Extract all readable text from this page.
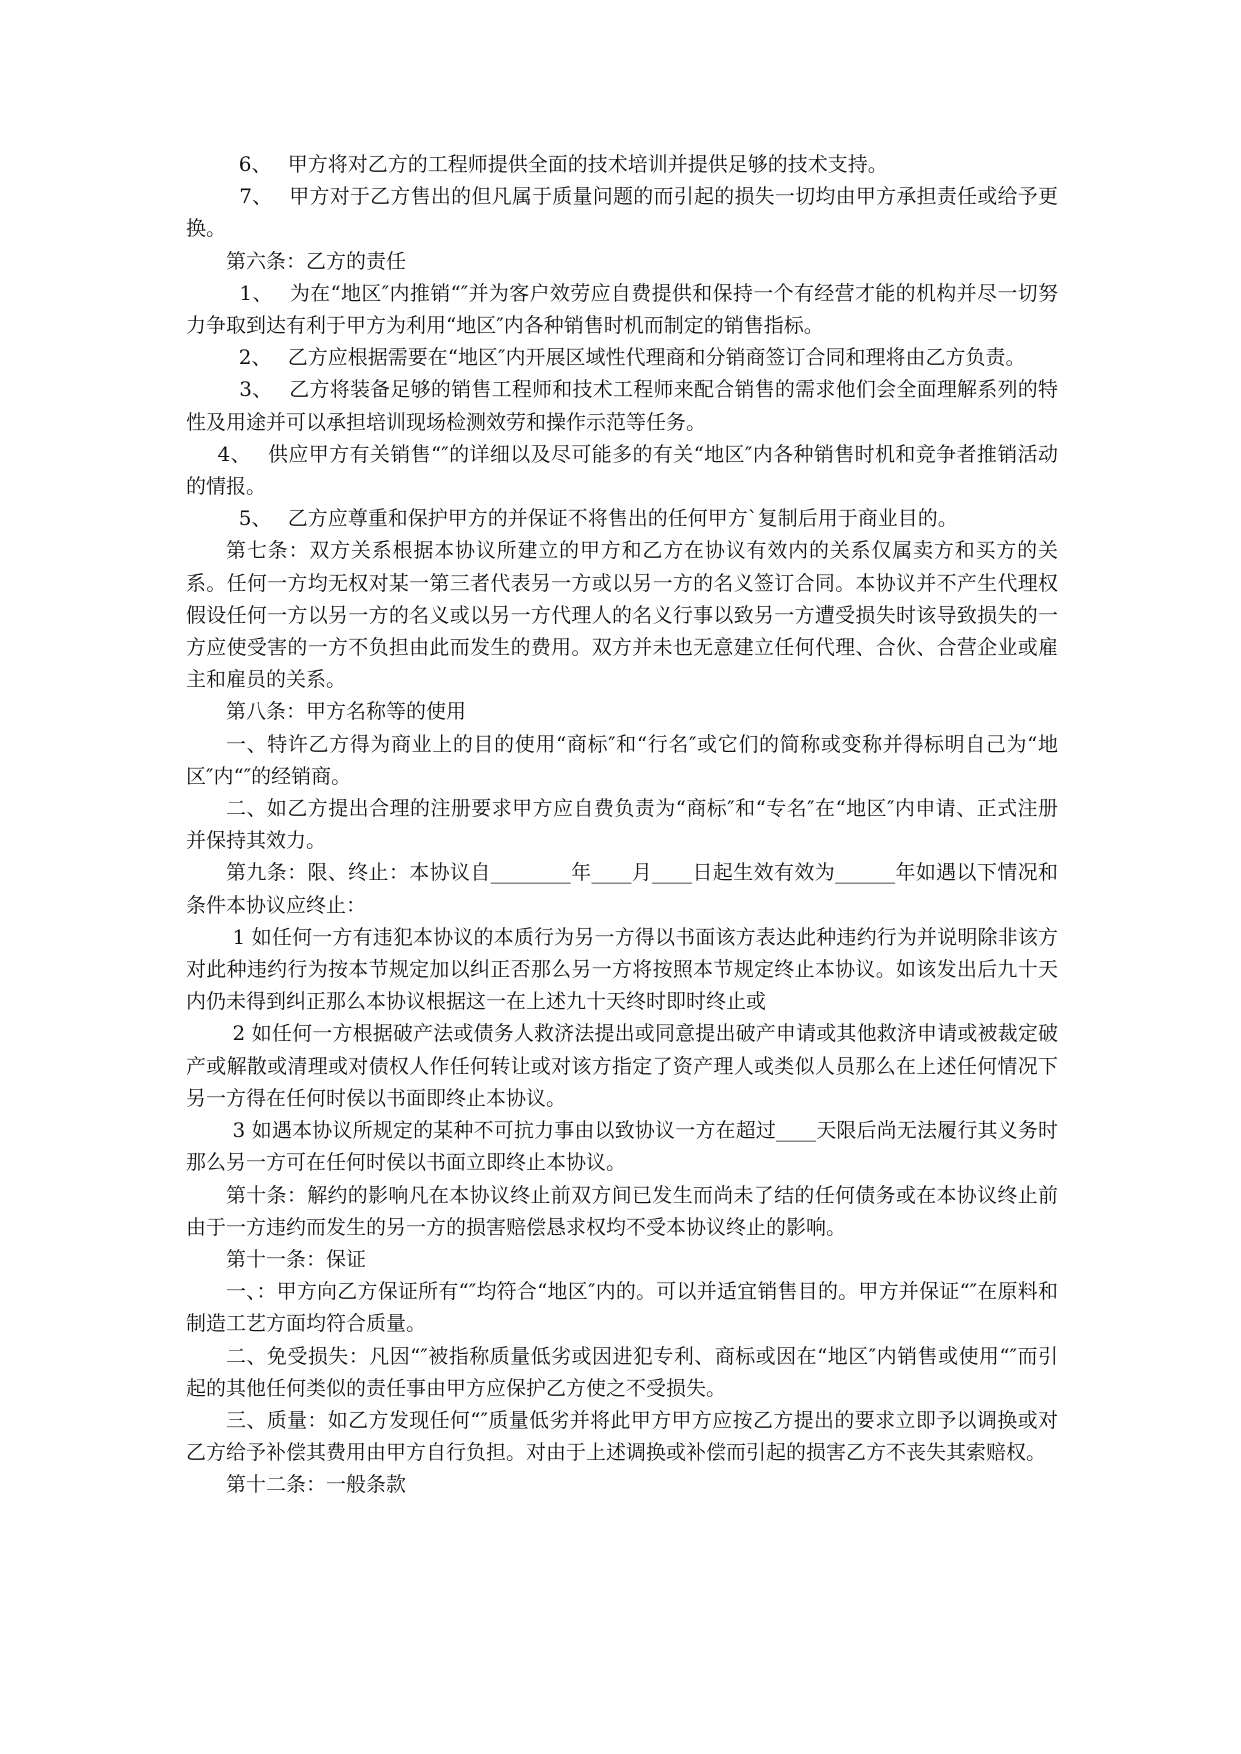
6、　 甲方将对乙方的工程师提供全面的技术培训并提供足够的技术支持。

7、　 甲方对于乙方售出的但凡属于质量问题的而引起的损失一切均由甲方承担责任或给予更换。

第六条：乙方的责任

1、　 为在“地区″内推销“″并为客户效劳应自费提供和保持一个有经营才能的机构并尽一切努力争取到达有利于甲方为利用“地区″内各种销售时机而制定的销售指标。

2、　 乙方应根据需要在“地区″内开展区域性代理商和分销商签订合同和理将由乙方负责。

3、　 乙方将装备足够的销售工程师和技术工程师来配合销售的需求他们会全面理解系列的特性及用途并可以承担培训现场检测效劳和操作示范等任务。

4、　 供应甲方有关销售“″的详细以及尽可能多的有关“地区″内各种销售时机和竞争者推销活动的情报。

5、　 乙方应尊重和保护甲方的并保证不将售出的任何甲方`复制后用于商业目的。

第七条：双方关系根据本协议所建立的甲方和乙方在协议有效内的关系仅属卖方和买方的关系。任何一方均无权对某一第三者代表另一方或以另一方的名义签订合同。本协议并不产生代理权假设任何一方以另一方的名义或以另一方代理人的名义行事以致另一方遭受损失时该导致损失的一方应使受害的一方不负担由此而发生的费用。双方并未也无意建立任何代理、合伙、合营企业或雇主和雇员的关系。

第八条：甲方名称等的使用

一、特许乙方得为商业上的目的使用“商标″和“行名″或它们的简称或变称并得标明自己为“地区″内“″的经销商。

二、如乙方提出合理的注册要求甲方应自费负责为“商标″和“专名″在“地区″内申请、正式注册并保持其效力。

第九条：限、终止：本协议自________年____月____日起生效有效为______年如遇以下情况和条件本协议应终止：

1 如任何一方有违犯本协议的本质行为另一方得以书面该方表达此种违约行为并说明除非该方对此种违约行为按本节规定加以纠正否那么另一方将按照本节规定终止本协议。如该发出后九十天内仍未得到纠正那么本协议根据这一在上述九十天终时即时终止或

2 如任何一方根据破产法或债务人救济法提出或同意提出破产申请或其他救济申请或被裁定破产或解散或清理或对债权人作任何转让或对该方指定了资产理人或类似人员那么在上述任何情况下另一方得在任何时侯以书面即终止本协议。

3 如遇本协议所规定的某种不可抗力事由以致协议一方在超过____天限后尚无法履行其义务时那么另一方可在任何时侯以书面立即终止本协议。

第十条：解约的影响凡在本协议终止前双方间已发生而尚未了结的任何债务或在本协议终止前由于一方违约而发生的另一方的损害赔偿恳求权均不受本协议终止的影响。

第十一条：保证

一、：甲方向乙方保证所有“″均符合“地区″内的。可以并适宜销售目的。甲方并保证“″在原料和制造工艺方面均符合质量。

二、免受损失：凡因“″被指称质量低劣或因进犯专利、商标或因在“地区″内销售或使用“″而引起的其他任何类似的责任事由甲方应保护乙方使之不受损失。

三、质量：如乙方发现任何“″质量低劣并将此甲方甲方应按乙方提出的要求立即予以调换或对乙方给予补偿其费用由甲方自行负担。对由于上述调换或补偿而引起的损害乙方不丧失其索赔权。

第十二条：一般条款
